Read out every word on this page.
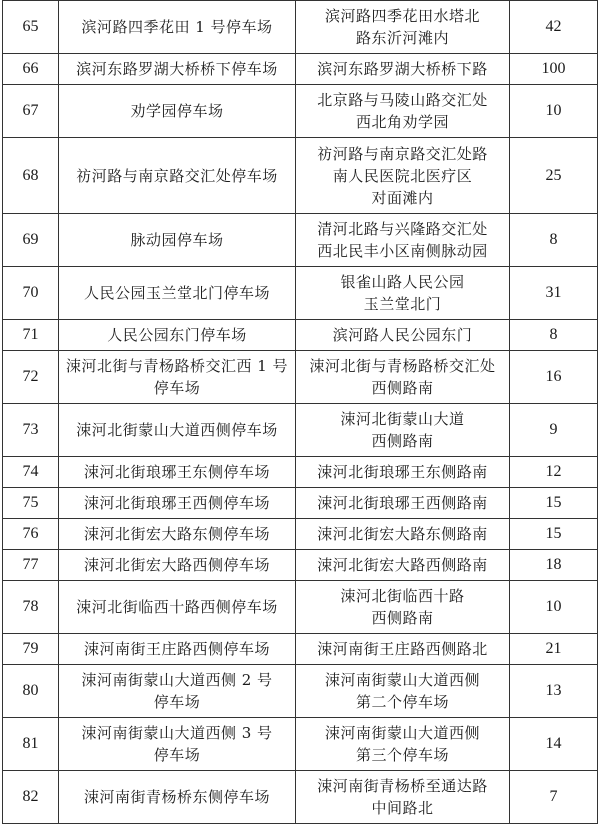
65	滨河路四季花田 1 号停车场	滨河路四季花田水塔北
路东沂河滩内	42
66	滨河东路罗湖大桥桥下停车场	滨河东路罗湖大桥桥下路	100
67	劝学园停车场	北京路与马陵山路交汇处
西北角劝学园	10
68	祊河路与南京路交汇处停车场	祊河路与南京路交汇处路
南人民医院北医疗区
对面滩内	25
69	脉动园停车场	清河北路与兴隆路交汇处
西北民丰小区南侧脉动园	8
70	人民公园玉兰堂北门停车场	银雀山路人民公园
玉兰堂北门	31
71	人民公园东门停车场	滨河路人民公园东门	8
72	涑河北街与青杨路桥交汇西 1 号
停车场	涑河北街与青杨路桥交汇处
西侧路南	16
73	涑河北街蒙山大道西侧停车场	涑河北街蒙山大道
西侧路南	9
74	涑河北街琅琊王东侧停车场	涑河北街琅琊王东侧路南	12
75	涑河北街琅琊王西侧停车场	涑河北街琅琊王西侧路南	15
76	涑河北街宏大路东侧停车场	涑河北街宏大路东侧路南	15
77	涑河北街宏大路西侧停车场	涑河北街宏大路西侧路南	18
78	涑河北街临西十路西侧停车场	涑河北街临西十路
西侧路南	10
79	涑河南街王庄路西侧停车场	涑河南街王庄路西侧路北	21
80	涑河南街蒙山大道西侧 2 号
停车场	涑河南街蒙山大道西侧
第二个停车场	13
81	涑河南街蒙山大道西侧 3 号
停车场	涑河南街蒙山大道西侧
第三个停车场	14
82	涑河南街青杨桥东侧停车场	涑河南街青杨桥至通达路
中间路北	7
